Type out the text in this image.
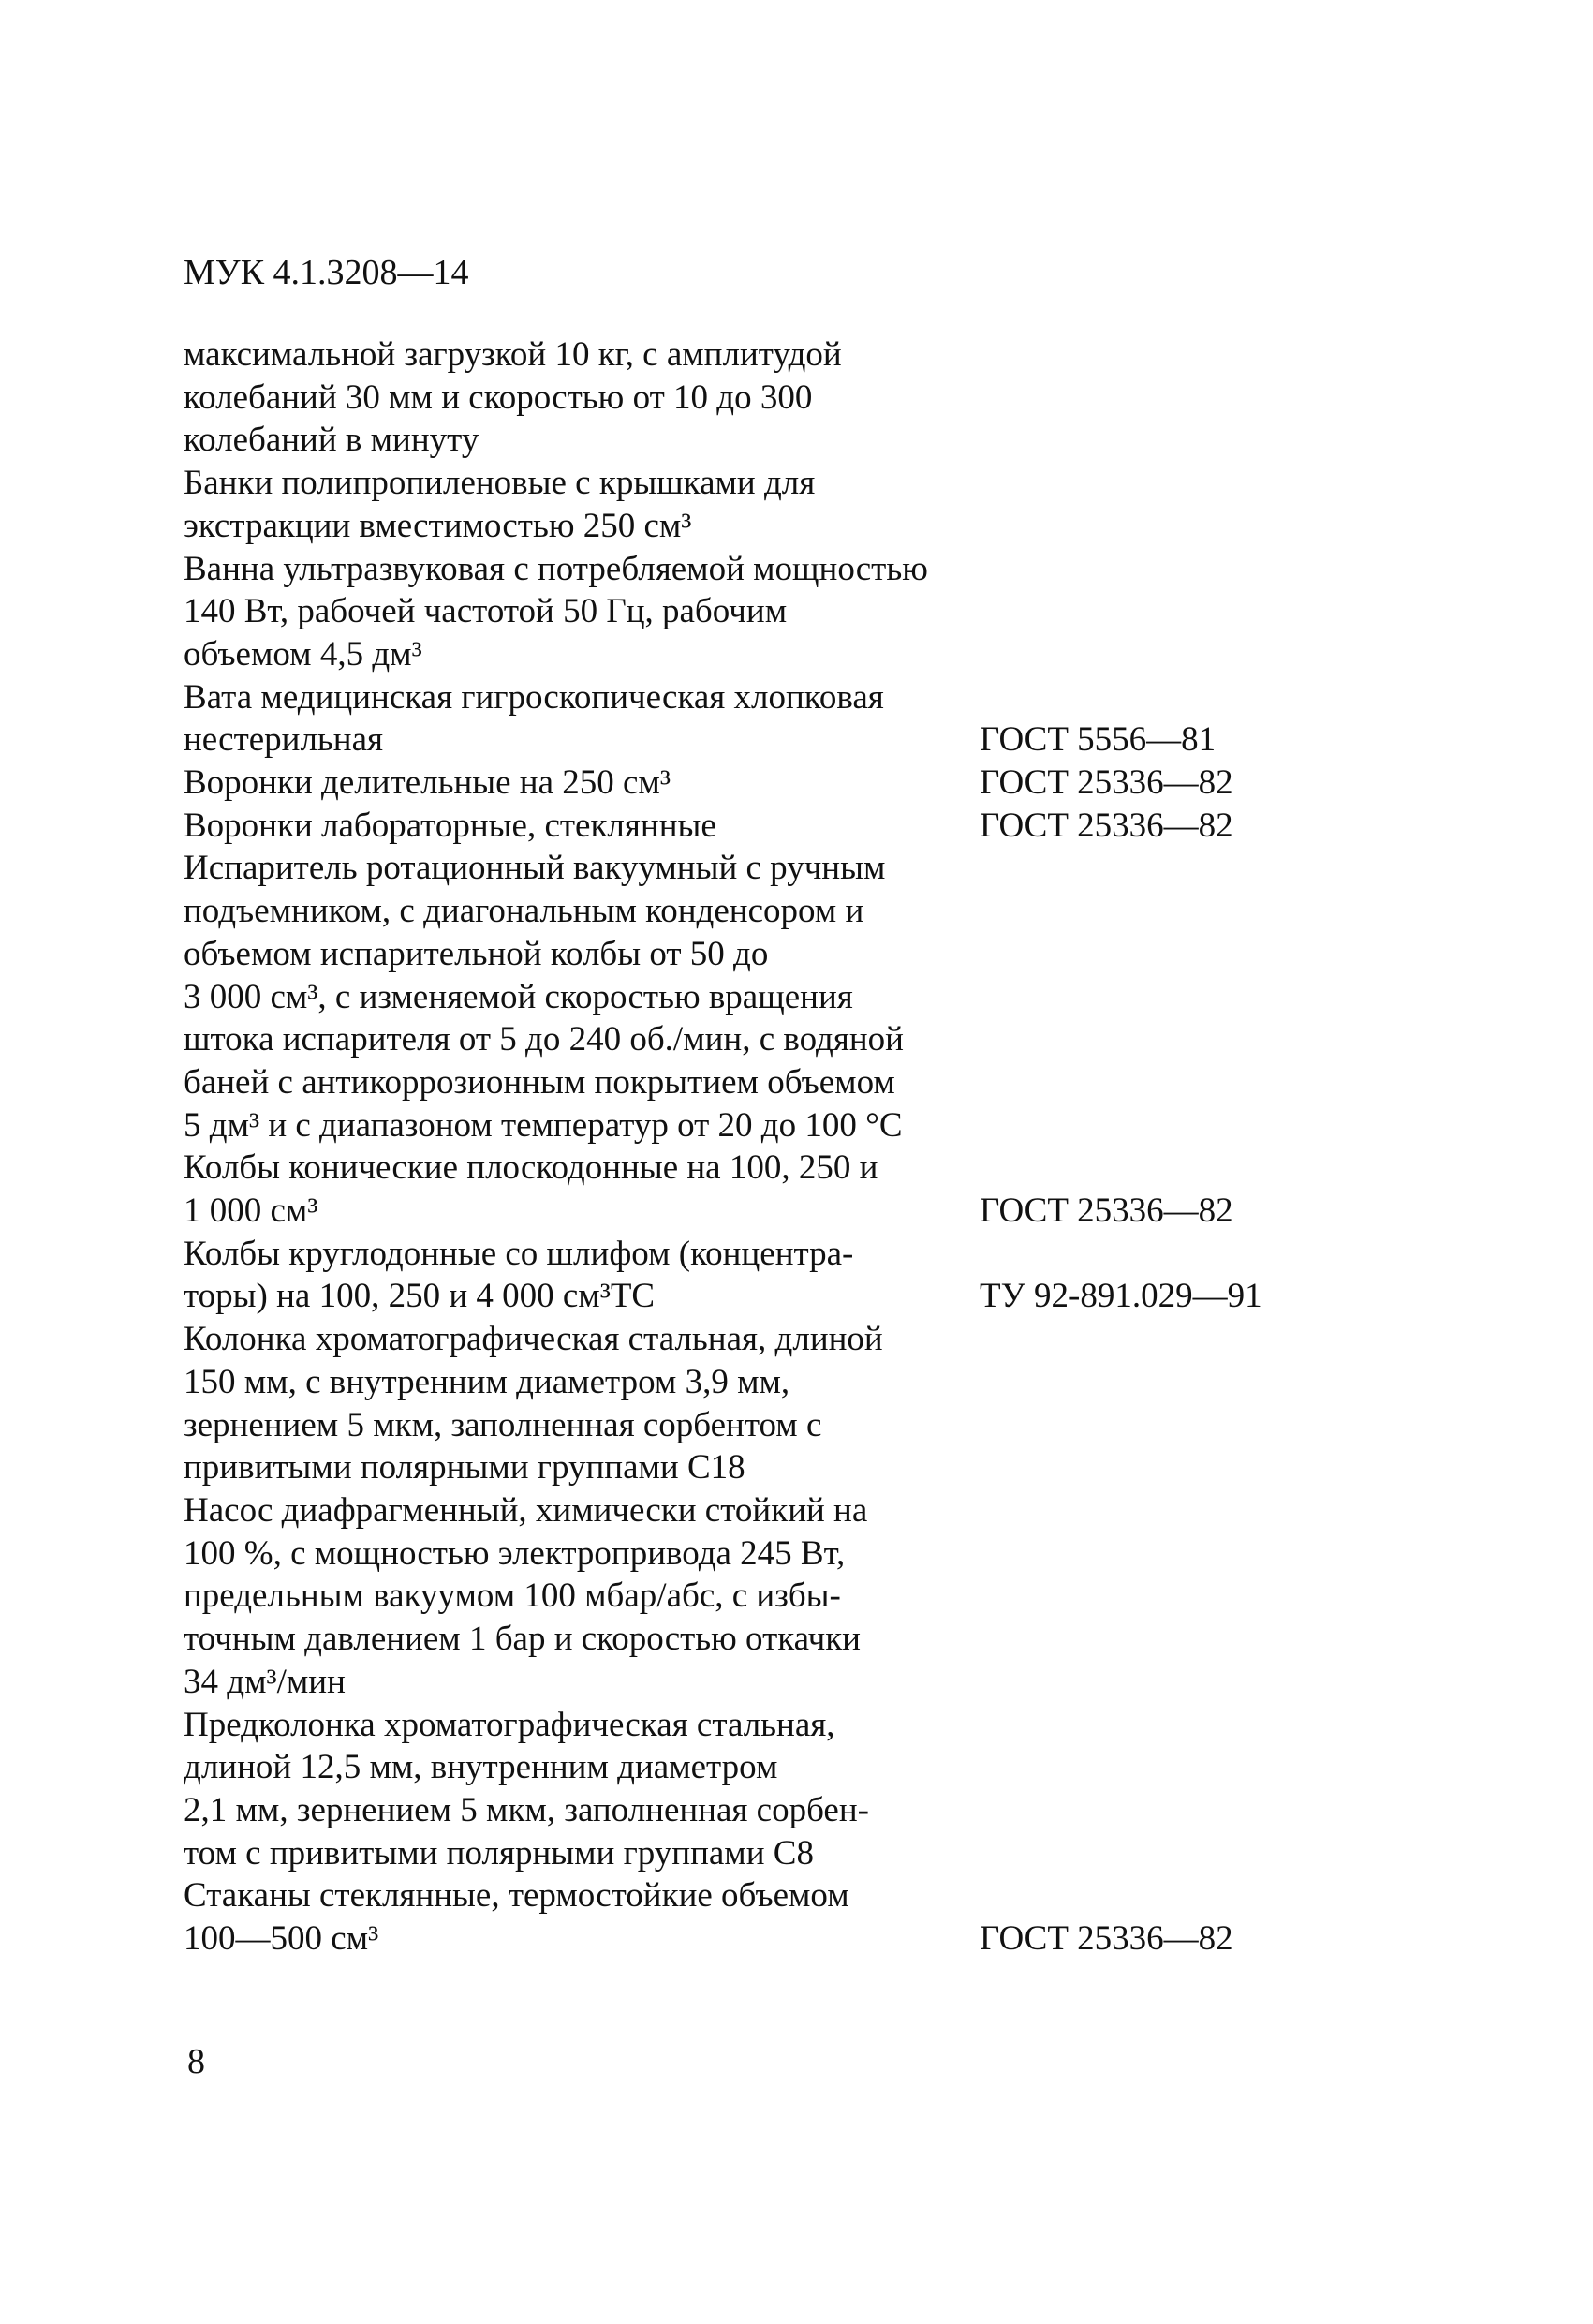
МУК 4.1.3208—14
максимальной загрузкой 10 кг, с амплитудой
колебаний 30 мм и скоростью от 10 до 300
колебаний в минуту
Банки полипропиленовые с крышками для
экстракции вместимостью 250 см³
Ванна ультразвуковая с потребляемой мощностью
140 Вт, рабочей частотой 50 Гц, рабочим
объемом 4,5 дм³
Вата медицинская гигроскопическая хлопковая
нестерильная	ГОСТ 5556—81
Воронки делительные на 250 см³	ГОСТ 25336—82
Воронки лабораторные, стеклянные	ГОСТ 25336—82
Испаритель ротационный вакуумный с ручным
подъемником, с диагональным конденсором и
объемом испарительной колбы от 50 до
3 000 см³, с изменяемой скоростью вращения
штока испарителя от 5 до 240 об./мин, с водяной
баней с антикоррозионным покрытием объемом
5 дм³ и с диапазоном температур от 20 до 100 °C
Колбы конические плоскодонные на 100, 250 и
1 000 см³	ГОСТ 25336—82
Колбы круглодонные со шлифом (концентра-
торы) на 100, 250 и 4 000 см³ТС	ТУ 92-891.029—91
Колонка хроматографическая стальная, длиной
150 мм, с внутренним диаметром 3,9 мм,
зернением 5 мкм, заполненная сорбентом с
привитыми полярными группами С18
Насос диафрагменный, химически стойкий на
100 %, с мощностью электропривода 245 Вт,
предельным вакуумом 100 мбар/абс, с избы-
точным давлением 1 бар и скоростью откачки
34 дм³/мин
Предколонка хроматографическая стальная,
длиной 12,5 мм, внутренним диаметром
2,1 мм, зернением 5 мкм, заполненная сорбен-
том с привитыми полярными группами С8
Стаканы стеклянные, термостойкие объемом
100—500 см³	ГОСТ 25336—82
8
